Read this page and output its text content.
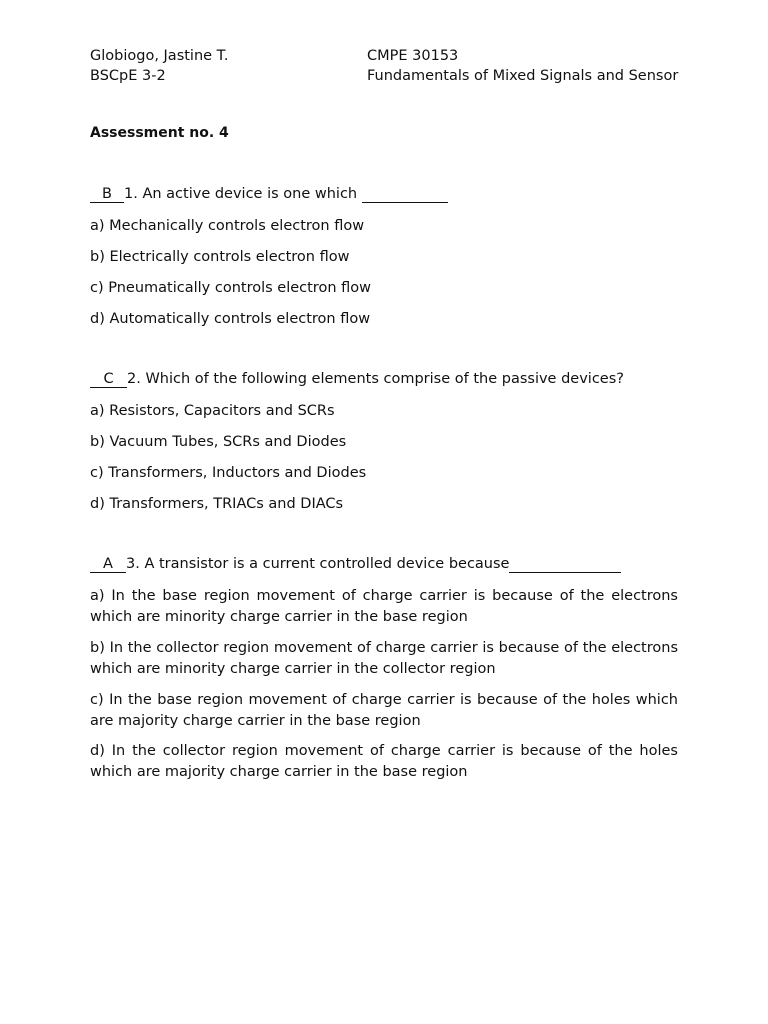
Globiogo, Jastine T.
BSCpE 3-2
CMPE 30153
Fundamentals of Mixed Signals and Sensor
Assessment no. 4
B 1. An active device is one which
a) Mechanically controls electron flow
b) Electrically controls electron flow
c) Pneumatically controls electron flow
d) Automatically controls electron flow
C 2. Which of the following elements comprise of the passive devices?
a) Resistors, Capacitors and SCRs
b) Vacuum Tubes, SCRs and Diodes
c) Transformers, Inductors and Diodes
d) Transformers, TRIACs and DIACs
A 3. A transistor is a current controlled device because
a) In the base region movement of charge carrier is because of the electrons which are minority charge carrier in the base region
b) In the collector region movement of charge carrier is because of the electrons which are minority charge carrier in the collector region
c) In the base region movement of charge carrier is because of the holes which are majority charge carrier in the base region
d) In the collector region movement of charge carrier is because of the holes which are majority charge carrier in the base region
